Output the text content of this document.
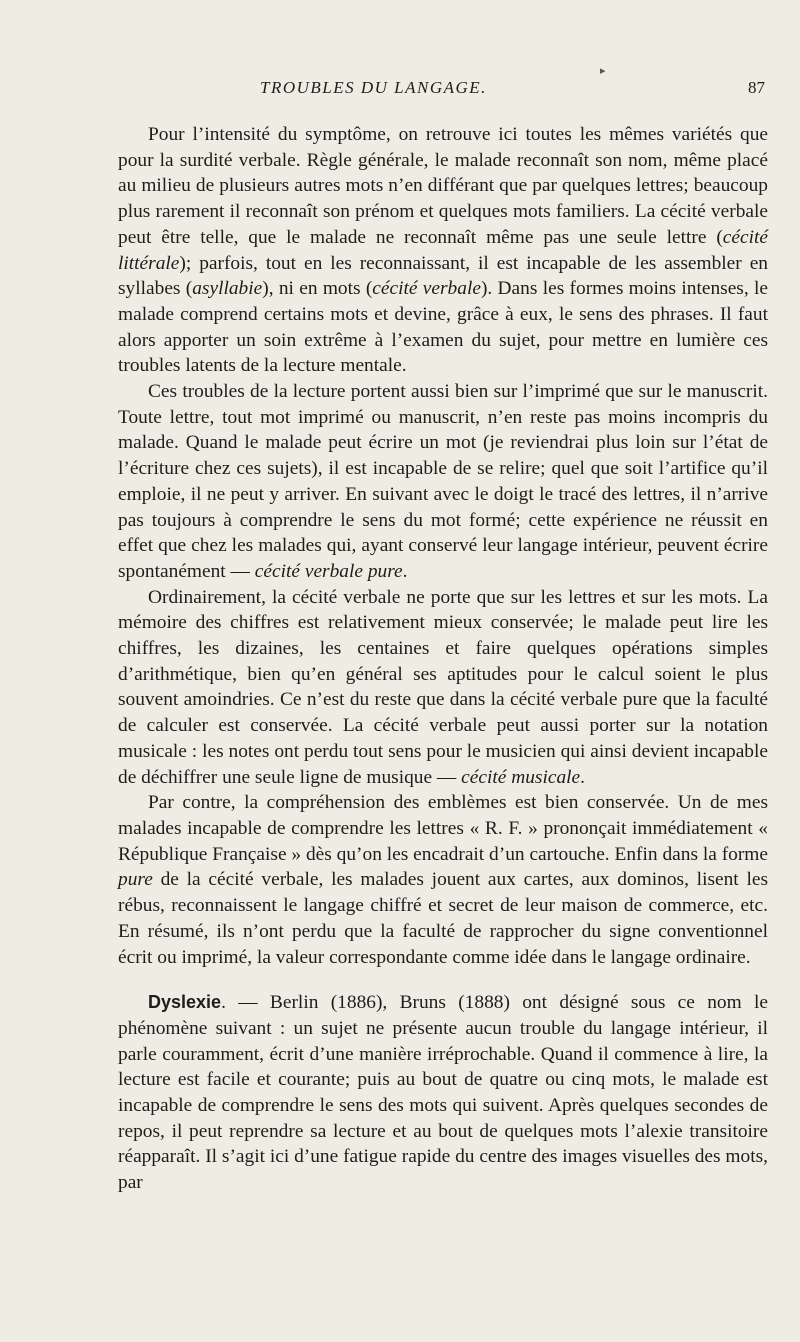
▸
TROUBLES DU LANGAGE.	87

Pour l’intensité du symptôme, on retrouve ici toutes les mêmes variétés que pour la surdité verbale. Règle générale, le malade reconnaît son nom, même placé au milieu de plusieurs autres mots n’en différant que par quelques lettres; beaucoup plus rarement il reconnaît son prénom et quelques mots familiers. La cécité verbale peut être telle, que le malade ne reconnaît même pas une seule lettre (cécité littérale); parfois, tout en les reconnaissant, il est incapable de les assembler en syllabes (asyllabie), ni en mots (cécité verbale). Dans les formes moins intenses, le malade comprend certains mots et devine, grâce à eux, le sens des phrases. Il faut alors apporter un soin extrême à l’examen du sujet, pour mettre en lumière ces troubles latents de la lecture mentale.

Ces troubles de la lecture portent aussi bien sur l’imprimé que sur le manuscrit. Toute lettre, tout mot imprimé ou manuscrit, n’en reste pas moins incompris du malade. Quand le malade peut écrire un mot (je reviendrai plus loin sur l’état de l’écriture chez ces sujets), il est incapable de se relire; quel que soit l’artifice qu’il emploie, il ne peut y arriver. En suivant avec le doigt le tracé des lettres, il n’arrive pas toujours à comprendre le sens du mot formé; cette expérience ne réussit en effet que chez les malades qui, ayant conservé leur langage intérieur, peuvent écrire spontanément — cécité verbale pure.

Ordinairement, la cécité verbale ne porte que sur les lettres et sur les mots. La mémoire des chiffres est relativement mieux conservée; le malade peut lire les chiffres, les dizaines, les centaines et faire quelques opérations simples d’arithmétique, bien qu’en général ses aptitudes pour le calcul soient le plus souvent amoindries. Ce n’est du reste que dans la cécité verbale pure que la faculté de calculer est conservée. La cécité verbale peut aussi porter sur la notation musicale : les notes ont perdu tout sens pour le musicien qui ainsi devient incapable de déchiffrer une seule ligne de musique — cécité musicale.

Par contre, la compréhension des emblèmes est bien conservée. Un de mes malades incapable de comprendre les lettres « R. F. » prononçait immédiatement « République Française » dès qu’on les encadrait d’un cartouche. Enfin dans la forme pure de la cécité verbale, les malades jouent aux cartes, aux dominos, lisent les rébus, reconnaissent le langage chiffré et secret de leur maison de commerce, etc. En résumé, ils n’ont perdu que la faculté de rapprocher du signe conventionnel écrit ou imprimé, la valeur correspondante comme idée dans le langage ordinaire.

Dyslexie. — Berlin (1886), Bruns (1888) ont désigné sous ce nom le phénomène suivant : un sujet ne présente aucun trouble du langage intérieur, il parle couramment, écrit d’une manière irréprochable. Quand il commence à lire, la lecture est facile et courante; puis au bout de quatre ou cinq mots, le malade est incapable de comprendre le sens des mots qui suivent. Après quelques secondes de repos, il peut reprendre sa lecture et au bout de quelques mots l’alexie transitoire réapparaît. Il s’agit ici d’une fatigue rapide du centre des images visuelles des mots, par
